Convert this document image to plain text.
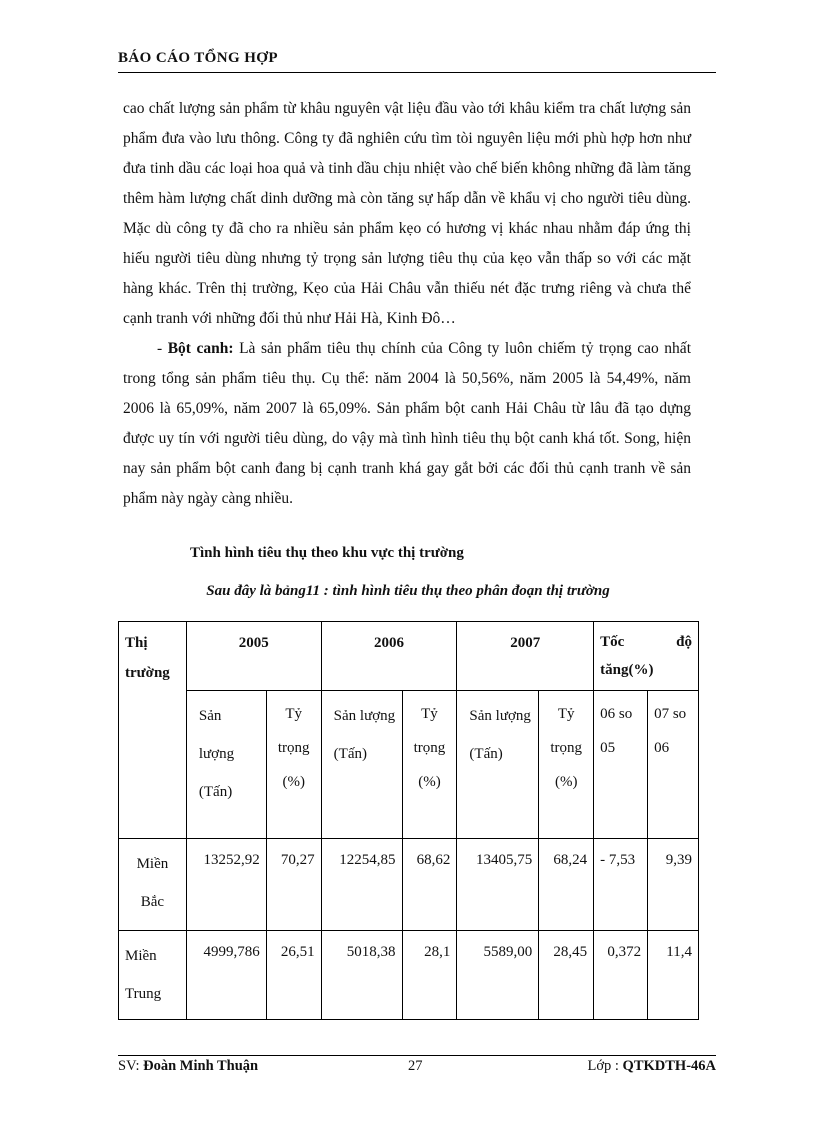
BÁO CÁO TỔNG HỢP

cao chất lượng sản phẩm từ khâu nguyên vật liệu đầu vào tới khâu kiểm tra chất lượng sản phẩm đưa vào lưu thông. Công ty đã nghiên cứu tìm tòi nguyên liệu mới phù hợp hơn như đưa tinh dầu các loại hoa quả và tinh dầu chịu nhiệt vào chế biến không những đã làm tăng thêm hàm lượng chất dinh dưỡng mà còn tăng sự hấp dẫn về khẩu vị cho người tiêu dùng. Mặc dù công ty đã cho ra nhiều sản phẩm kẹo có hương vị khác nhau nhằm đáp ứng thị hiếu người tiêu dùng nhưng tỷ trọng sản lượng tiêu thụ của kẹo vẫn thấp so với các mặt hàng khác. Trên thị trường, Kẹo của Hải Châu vẫn thiếu nét đặc trưng riêng và chưa thể cạnh tranh với những đối thủ như Hải Hà, Kinh Đô…

- Bột canh: Là sản phẩm tiêu thụ chính của Công ty luôn chiếm tỷ trọng cao nhất trong tổng sản phẩm tiêu thụ. Cụ thể: năm 2004 là 50,56%, năm 2005 là 54,49%, năm 2006 là 65,09%, năm 2007 là 65,09%. Sản phẩm bột canh Hải Châu từ lâu đã tạo dựng được uy tín với người tiêu dùng, do vậy mà tình hình tiêu thụ bột canh khá tốt. Song, hiện nay sản phẩm bột canh đang bị cạnh tranh khá gay gắt bởi các đối thủ cạnh tranh về sản phẩm này ngày càng nhiều.

Tình hình tiêu thụ theo khu vực thị trường
Sau đây là bảng11 : tình hình tiêu thụ theo phân đoạn thị trường
Thị trường	2005		2006		2007		Tốc độ tăng(%)	
	Sản lượng (Tấn)	Tỷ trọng (%)	Sản lượng (Tấn)	Tỷ trọng (%)	Sản lượng (Tấn)	Tỷ trọng (%)	06 so 05	07 so 06
Miền Bắc	13252,92	70,27	12254,85	68,62	13405,75	68,24	- 7,53	9,39
Miền Trung	4999,786	26,51	5018,38	28,1	5589,00	28,45	0,372	11,4
SV: Đoàn Minh Thuận	27	Lớp : QTKDTH-46A
